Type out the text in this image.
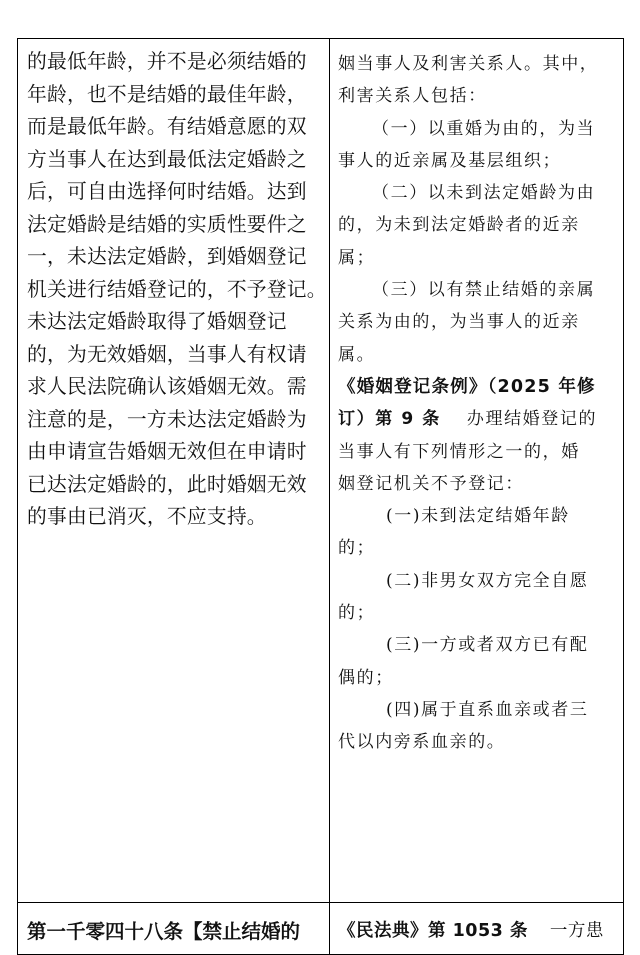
的最低年龄，并不是必须结婚的
年龄，也不是结婚的最佳年龄，
而是最低年龄。有结婚意愿的双
方当事人在达到最低法定婚龄之
后，可自由选择何时结婚。达到
法定婚龄是结婚的实质性要件之
一，未达法定婚龄，到婚姻登记
机关进行结婚登记的，不予登记。
未达法定婚龄取得了婚姻登记
的，为无效婚姻，当事人有权请
求人民法院确认该婚姻无效。需
注意的是，一方未达法定婚龄为
由申请宣告婚姻无效但在申请时
已达法定婚龄的，此时婚姻无效
的事由已消灭，不应支持。
姻当事人及利害关系人。其中，
利害关系人包括：
（一）以重婚为由的，为当
事人的近亲属及基层组织；
（二）以未到法定婚龄为由
的，为未到法定婚龄者的近亲
属；
（三）以有禁止结婚的亲属
关系为由的，为当事人的近亲
属。
《婚姻登记条例》（2025 年修
订）第 9 条 办理结婚登记的
当事人有下列情形之一的，婚
姻登记机关不予登记：
(一)未到法定结婚年龄
的；
(二)非男女双方完全自愿
的；
(三)一方或者双方已有配
偶的；
(四)属于直系血亲或者三
代以内旁系血亲的。
第一千零四十八条【禁止结婚的 《民法典》第 1053 条 一方患
